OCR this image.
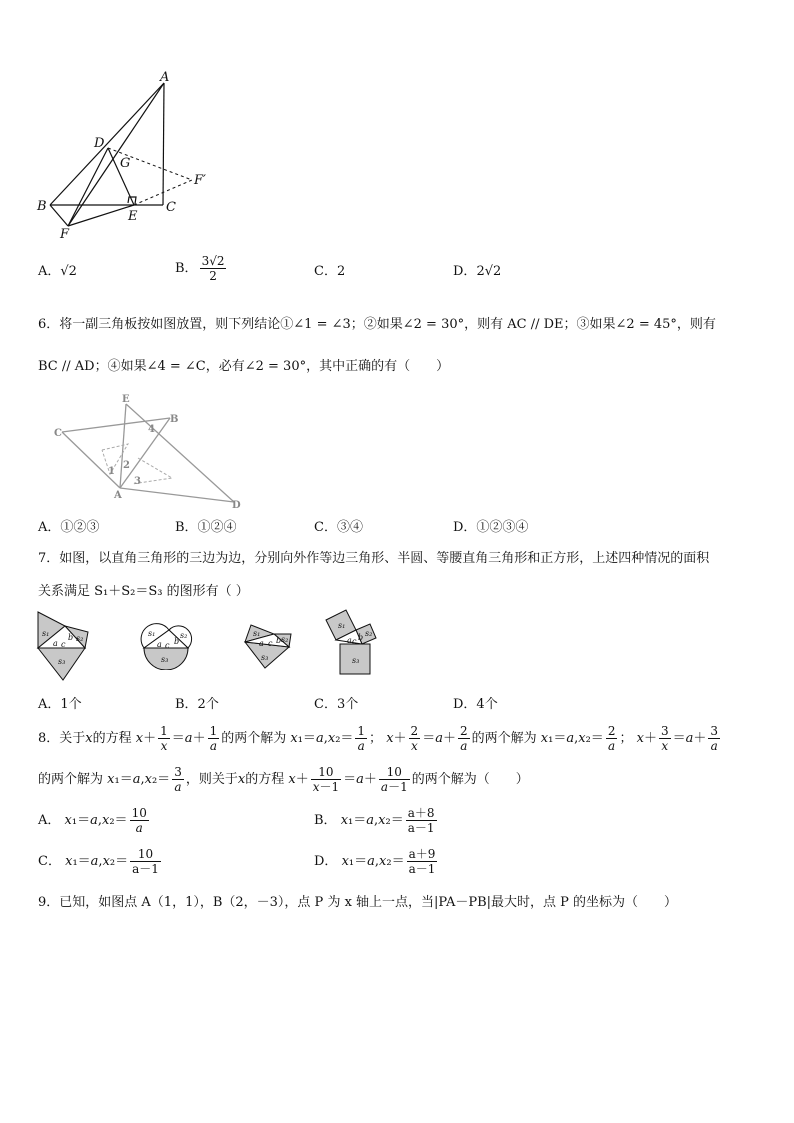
A
D
G
F′
B
E
C
F
A．√2	B． $\frac{3√2}{2}$	C．2	D．2√2
6．将一副三角板按如图放置，则下列结论①∠1 = ∠3；②如果∠2 = 30°，则有 AC // DE；③如果∠2 = 45°，则有
BC // AD；④如果∠4 = ∠C，必有∠2 = 30°，其中正确的有（　　）
E
B
C
A
D
4
1
2
3
A．①②③	B．①②④	C．③④	D．①②③④
7．如图，以直角三角形的三边为边，分别向外作等边三角形、半圆、等腰直角三角形和正方形，上述四种情况的面积
关系满足 S₁＋S₂＝S₃ 的图形有（ ）
s₁
s₂
s₃
a
b
c
s₁	s₂
s₃
a b
c
s₁
s₂
s₃
a b
c
s₁
s₂
s₃
a b
c
A．1个	B．2个	C．3个	D．4个
8．关于x的方程 $x+ \frac{1}{x} =a+ \frac{1}{a}$ 的两个解为 $x_1=a,x_2= \frac{1}{a}$ ； $x+ \frac{2}{x} =a+ \frac{2}{a}$ 的两个解为 $x_1=a,x_2= \frac{2}{a}$ ； $x+ \frac{3}{x} =a+ \frac{3}{a}$
的两个解为 $x_1=a,x_2= \frac{3}{a}$ ，则关于x的方程 $x+ \frac{10}{x-1} =a+ \frac{10}{a-1}$ 的两个解为（　　）
A． $x_1=a,x_2= \frac{10}{a}$	B． $x_1=a,x_2= \frac{a+8}{a-1}$
C． $x_1=a,x_2= \frac{10}{a-1}$	D． $x_1=a,x_2= \frac{a+9}{a-1}$
9．已知，如图点 A（1，1），B（2，－3），点 P 为 x 轴上一点，当|PA－PB|最大时，点 P 的坐标为（　　）
